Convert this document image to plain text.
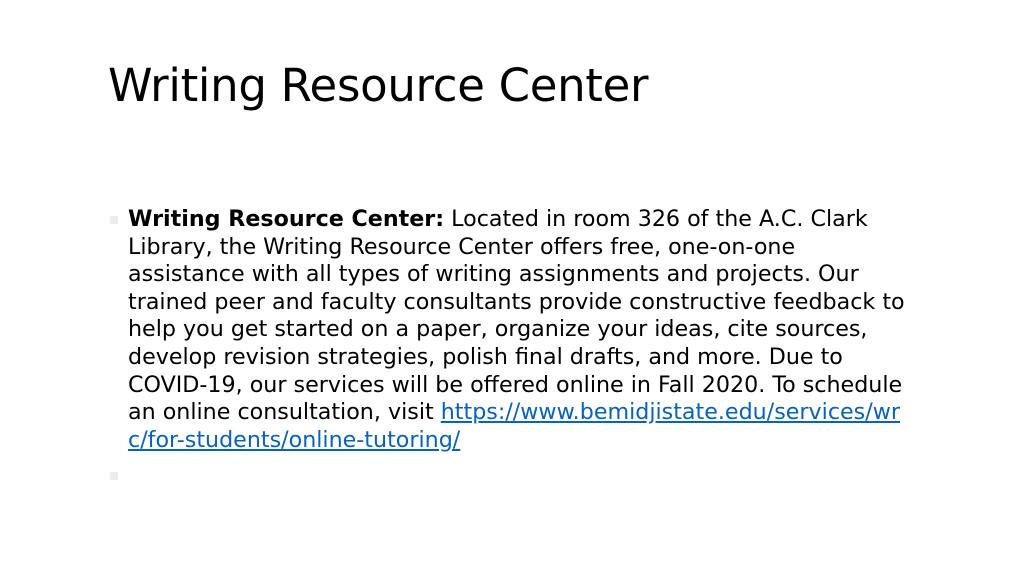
Writing Resource Center
Writing Resource Center: Located in room 326 of the A.C. Clark Library, the Writing Resource Center offers free, one-on-one assistance with all types of writing assignments and projects. Our trained peer and faculty consultants provide constructive feedback to help you get started on a paper, organize your ideas, cite sources, develop revision strategies, polish final drafts, and more. Due to COVID-19, our services will be offered online in Fall 2020. To schedule an online consultation, visit https://www.bemidjistate.edu/services/wrc/for-students/online-tutoring/
